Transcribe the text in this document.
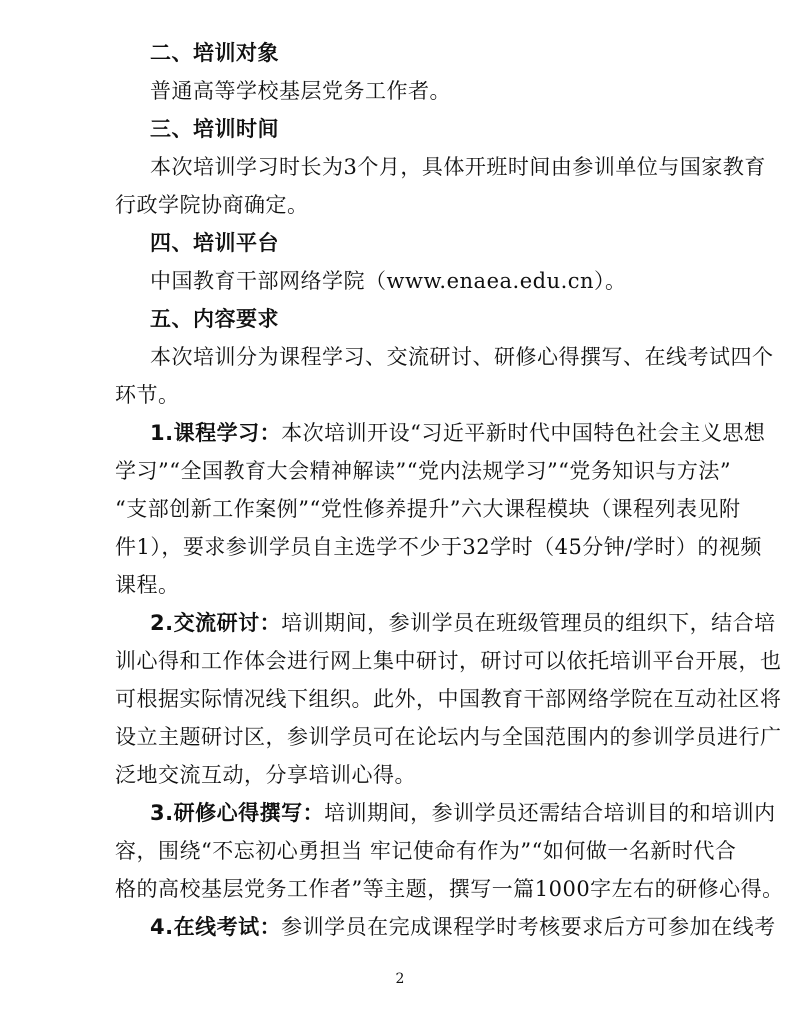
二、培训对象
普通高等学校基层党务工作者。
三、培训时间
本次培训学习时长为3个月，具体开班时间由参训单位与国家教育
行政学院协商确定。
四、培训平台
中国教育干部网络学院（www.enaea.edu.cn）。
五、内容要求
本次培训分为课程学习、交流研讨、研修心得撰写、在线考试四个
环节。
1.课程学习：本次培训开设“习近平新时代中国特色社会主义思想
学习”“全国教育大会精神解读”“党内法规学习”“党务知识与方法”
“支部创新工作案例”“党性修养提升”六大课程模块（课程列表见附
件1），要求参训学员自主选学不少于32学时（45分钟/学时）的视频
课程。
2.交流研讨：培训期间，参训学员在班级管理员的组织下，结合培
训心得和工作体会进行网上集中研讨，研讨可以依托培训平台开展，也
可根据实际情况线下组织。此外，中国教育干部网络学院在互动社区将
设立主题研讨区，参训学员可在论坛内与全国范围内的参训学员进行广
泛地交流互动，分享培训心得。
3.研修心得撰写：培训期间，参训学员还需结合培训目的和培训内
容，围绕“不忘初心勇担当 牢记使命有作为”“如何做一名新时代合
格的高校基层党务工作者”等主题，撰写一篇1000字左右的研修心得。
4.在线考试：参训学员在完成课程学时考核要求后方可参加在线考
2
